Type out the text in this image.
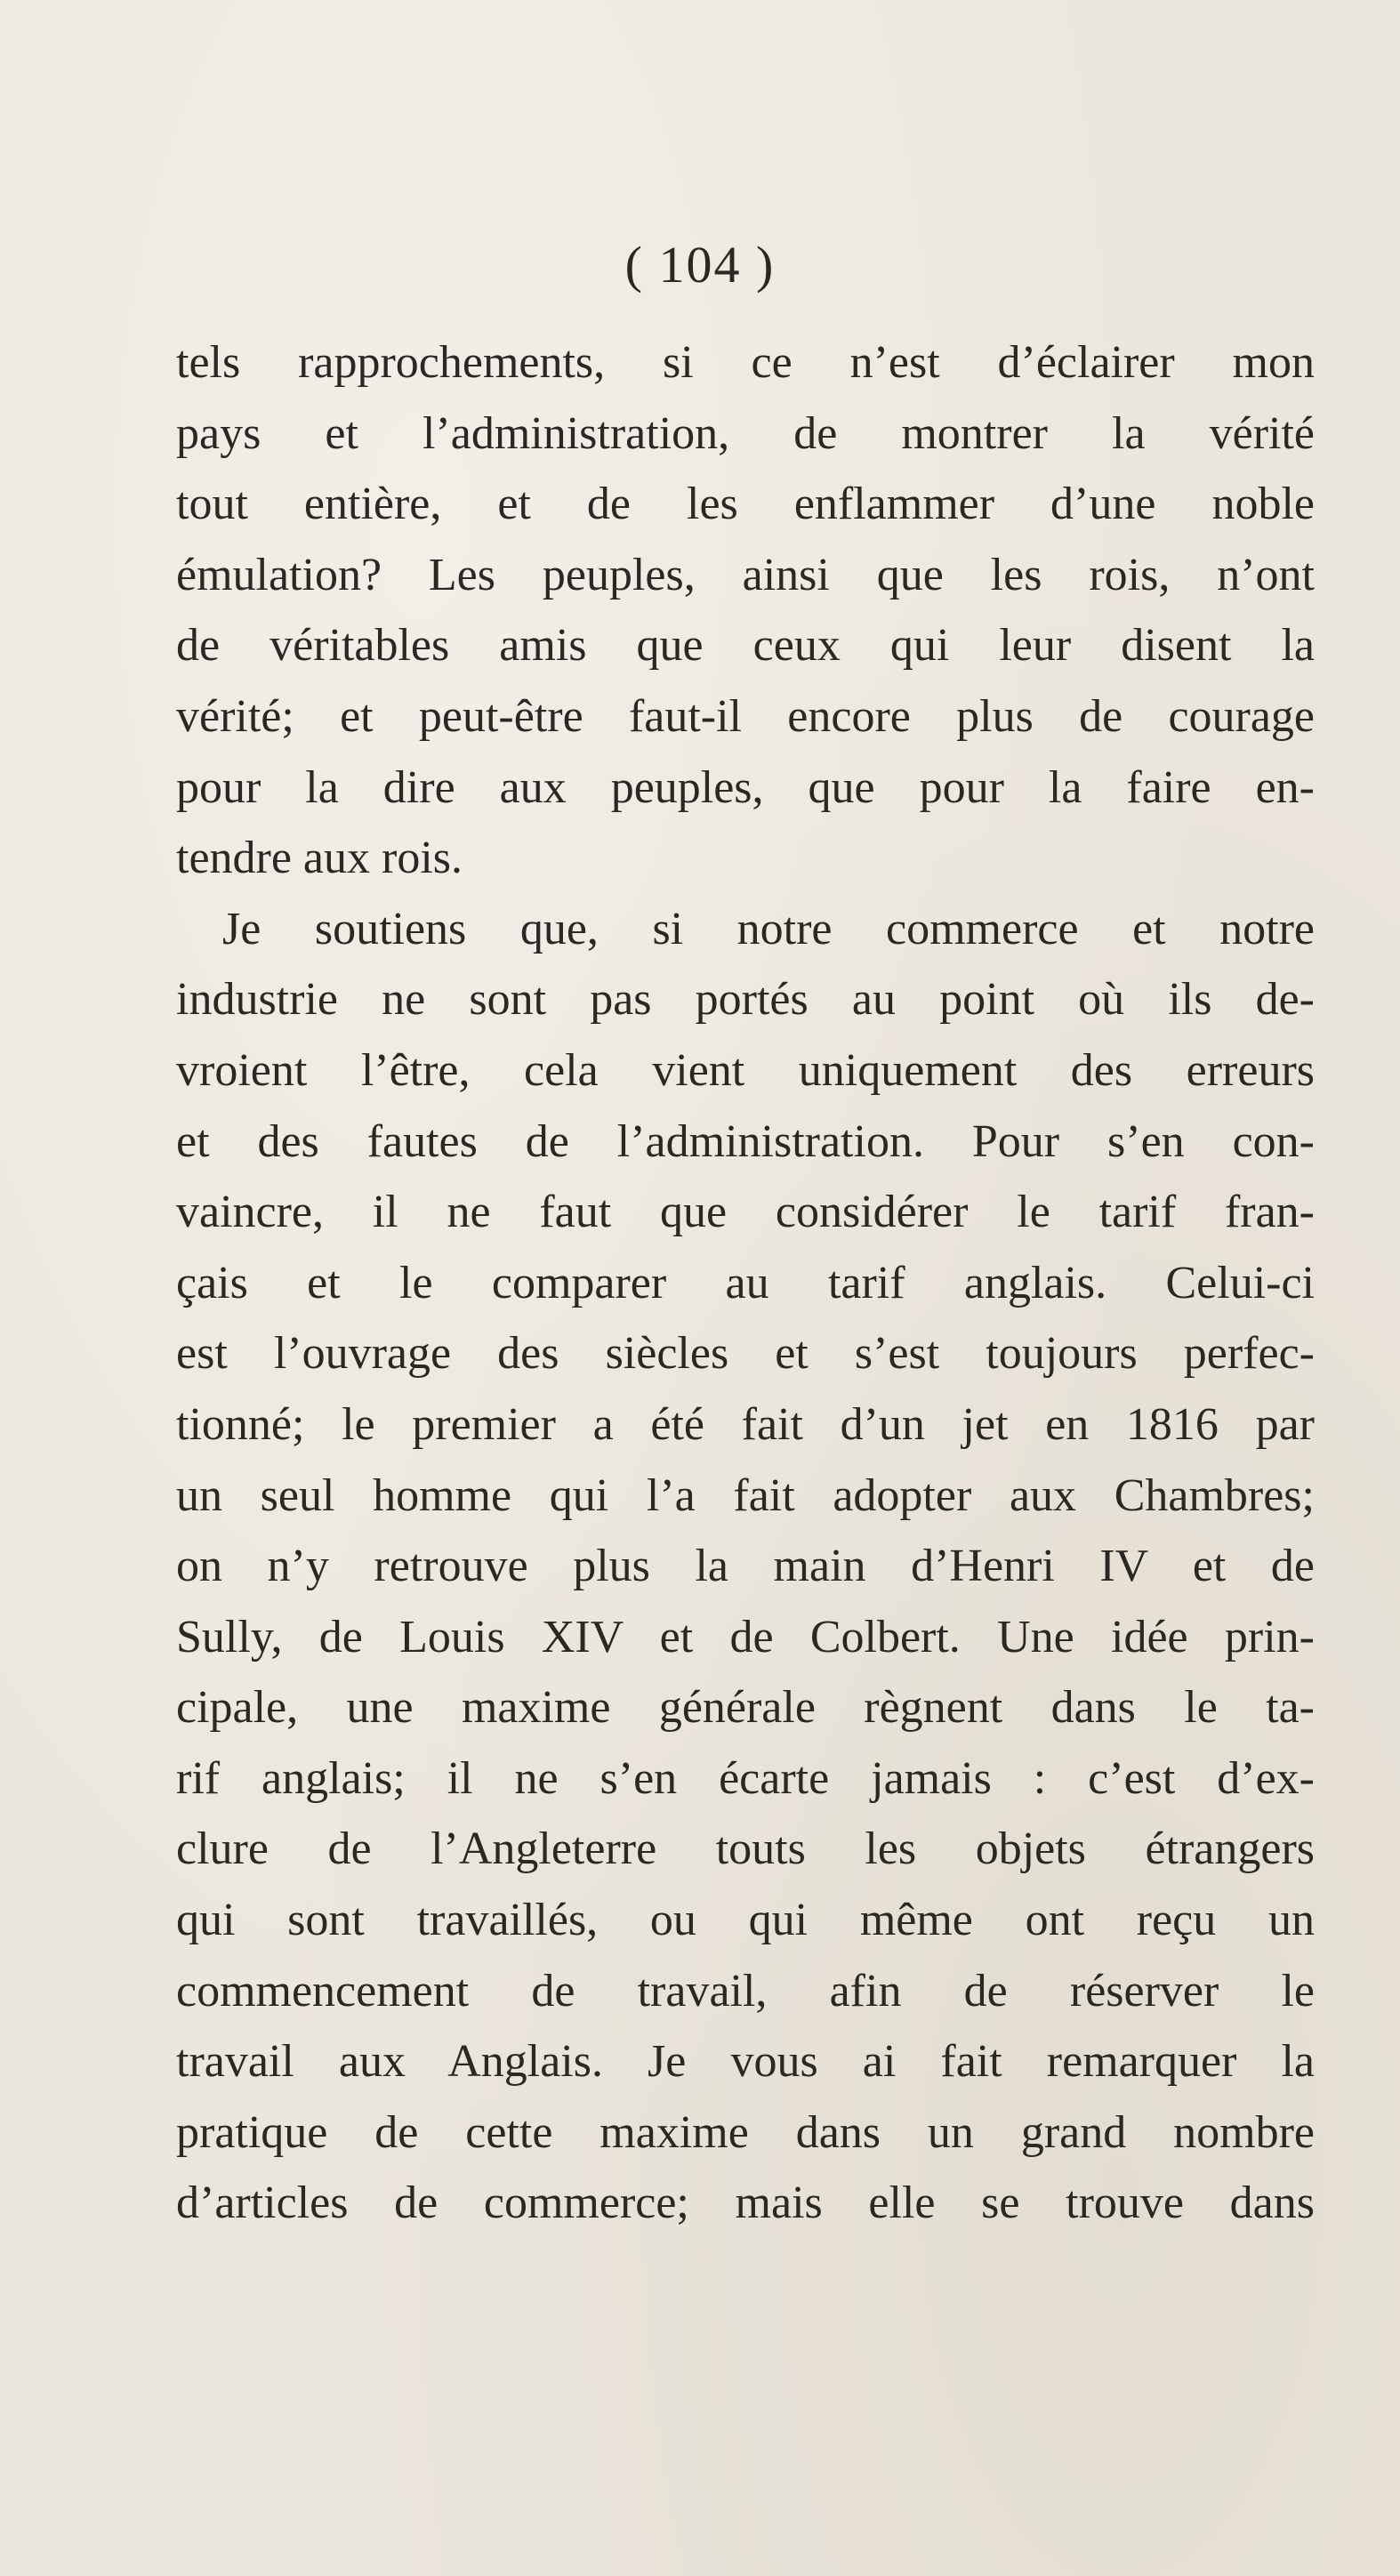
( 104 )
tels rapprochements, si ce n’est d’éclairer mon
pays et l’administration, de montrer la vérité
tout entière, et de les enflammer d’une noble
émulation? Les peuples, ainsi que les rois, n’ont
de véritables amis que ceux qui leur disent la
vérité; et peut-être faut-il encore plus de courage
pour la dire aux peuples, que pour la faire en-
tendre aux rois.
Je soutiens que, si notre commerce et notre
industrie ne sont pas portés au point où ils de-
vroient l’être, cela vient uniquement des erreurs
et des fautes de l’administration. Pour s’en con-
vaincre, il ne faut que considérer le tarif fran-
çais et le comparer au tarif anglais. Celui-ci
est l’ouvrage des siècles et s’est toujours perfec-
tionné; le premier a été fait d’un jet en 1816 par
un seul homme qui l’a fait adopter aux Chambres;
on n’y retrouve plus la main d’Henri IV et de
Sully, de Louis XIV et de Colbert. Une idée prin-
cipale, une maxime générale règnent dans le ta-
rif anglais; il ne s’en écarte jamais : c’est d’ex-
clure de l’Angleterre touts les objets étrangers
qui sont travaillés, ou qui même ont reçu un
commencement de travail, afin de réserver le
travail aux Anglais. Je vous ai fait remarquer la
pratique de cette maxime dans un grand nombre
d’articles de commerce; mais elle se trouve dans
